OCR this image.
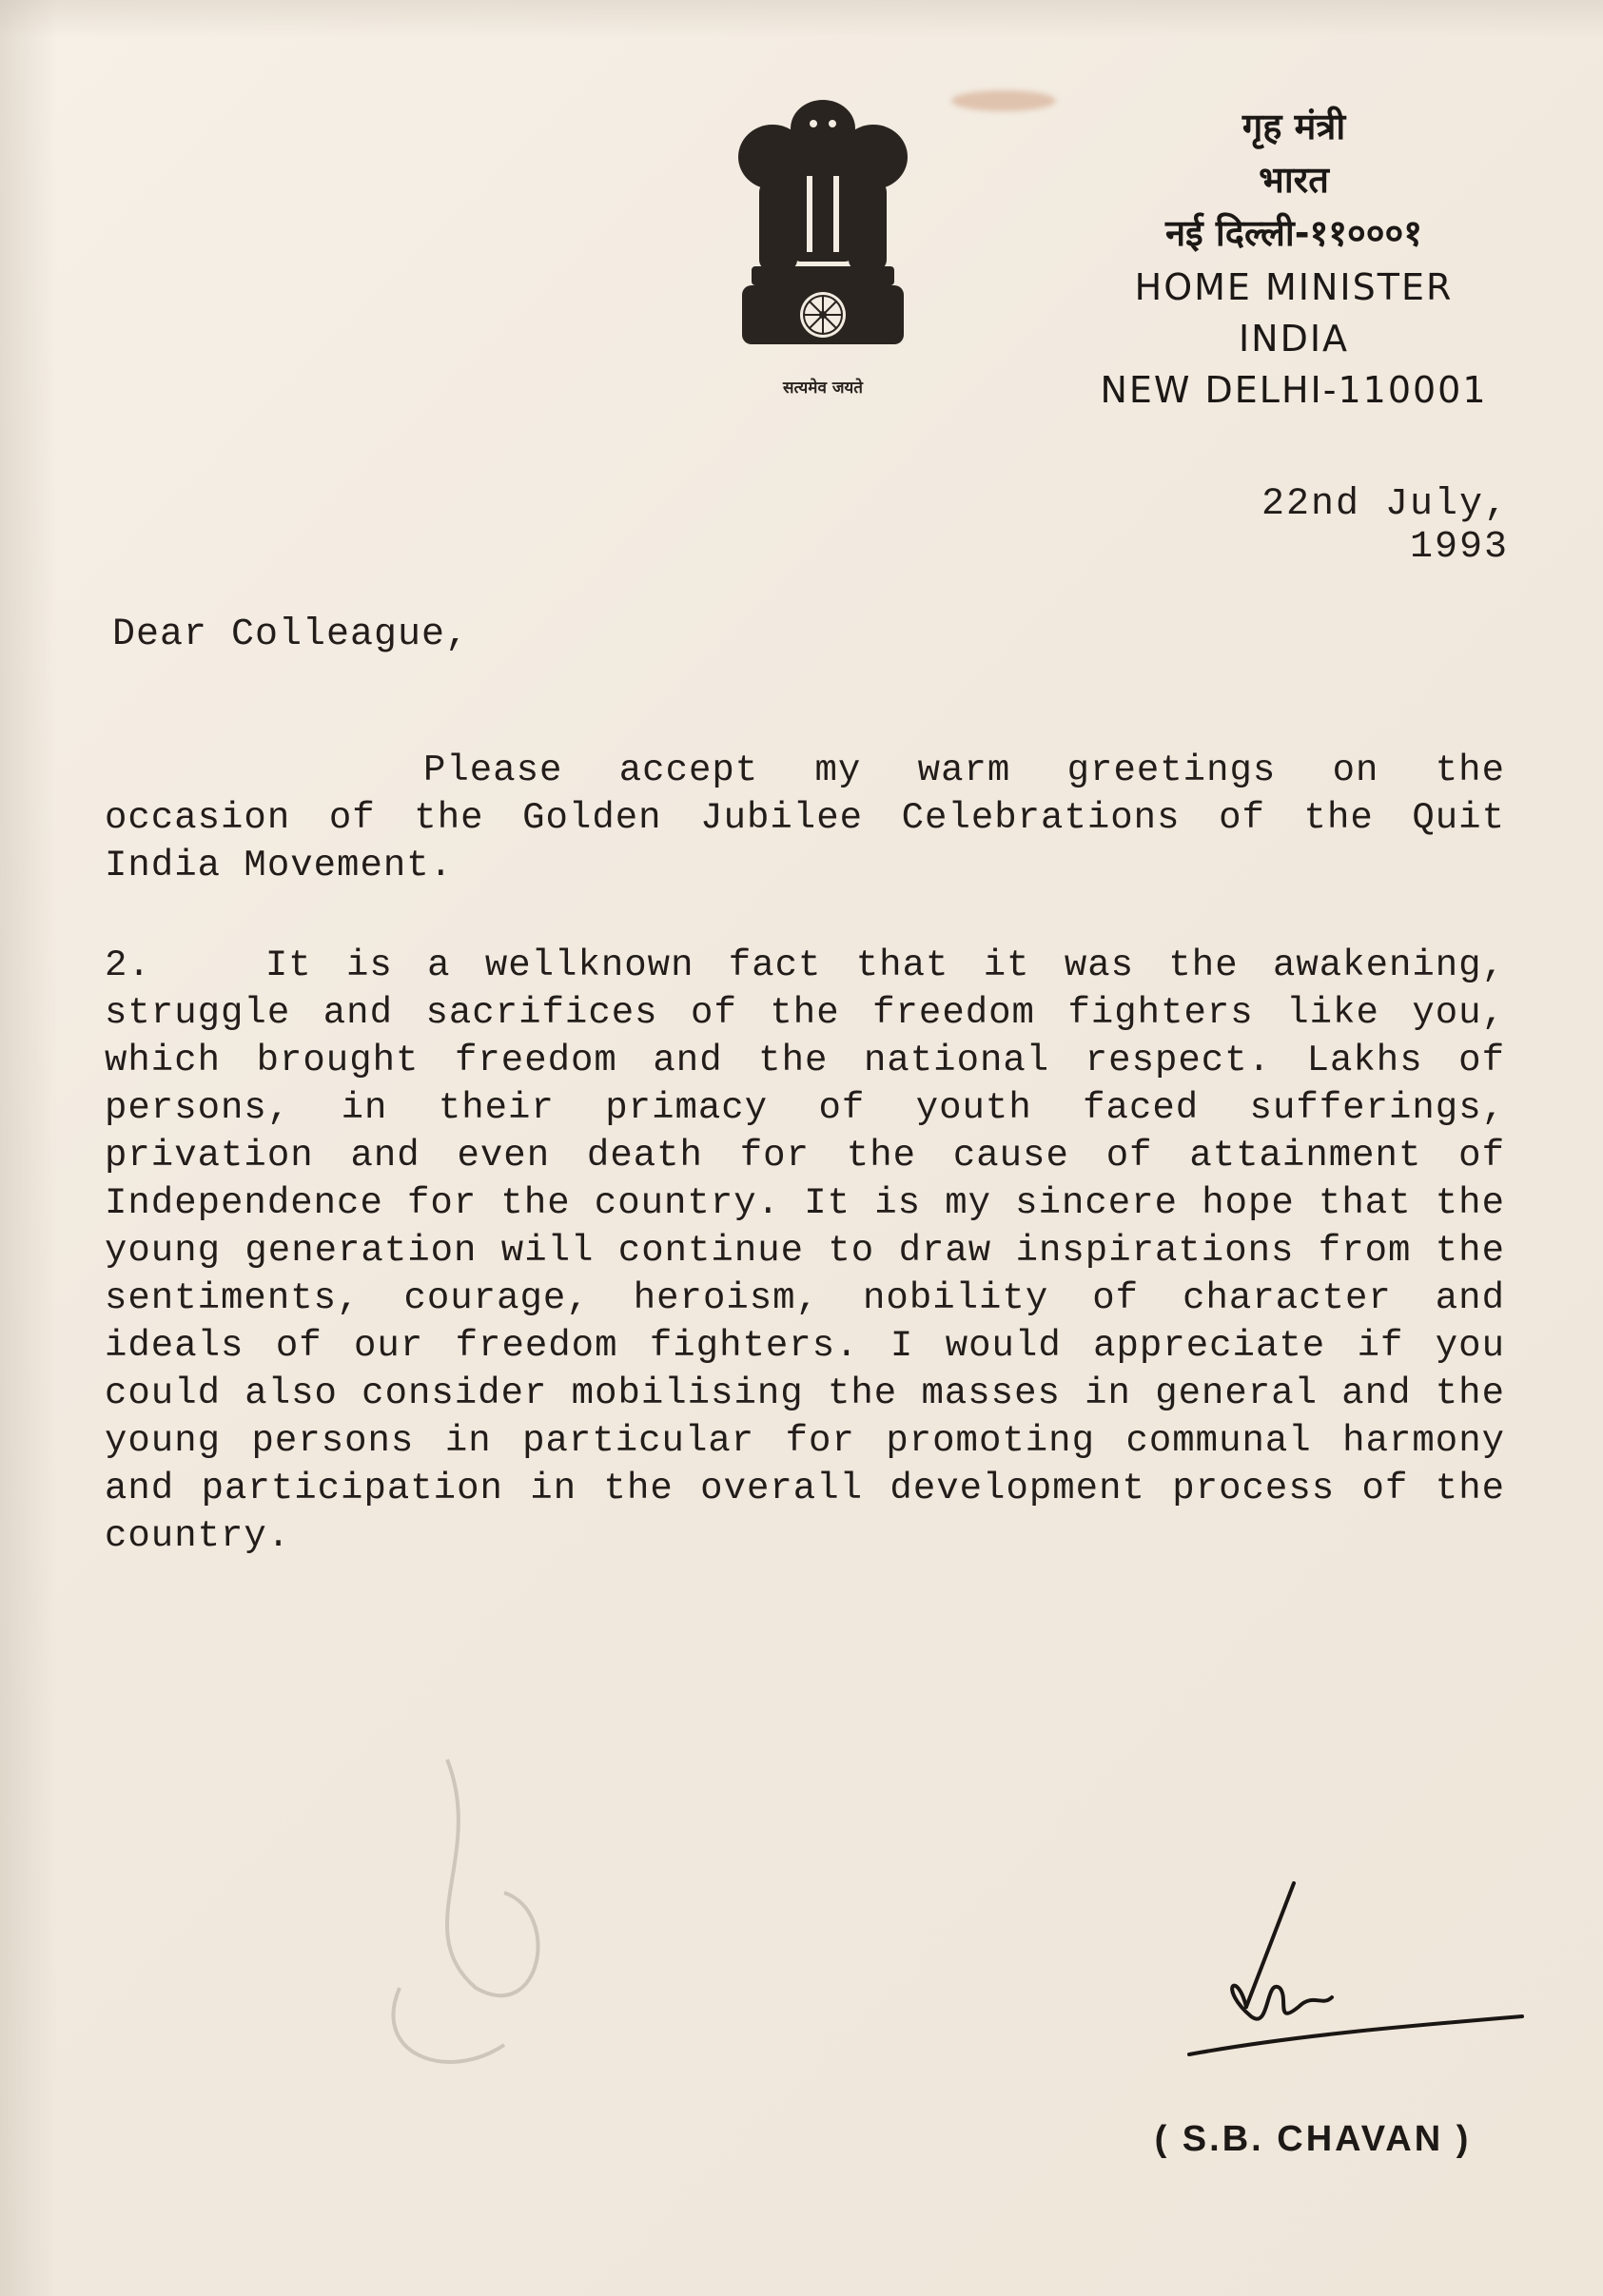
सत्यमेव जयते
गृह मंत्री
भारत
नई दिल्ली-११०००१
HOME MINISTER
INDIA
NEW DELHI-110001
22nd July, 1993
Dear Colleague,
Please accept my warm greetings on the occasion of the Golden Jubilee Celebrations of the Quit India Movement.
2.	It is a wellknown fact that it was the awakening, struggle and sacrifices of the freedom fighters like you, which brought freedom and the national respect. Lakhs of persons, in their primacy of youth faced sufferings, privation and even death for the cause of attainment of Independence for the country. It is my sincere hope that the young generation will continue to draw inspirations from the sentiments, courage, heroism, nobility of character and ideals of our freedom fighters. I would appreciate if you could also consider mobilising the masses in general and the young persons in particular for promoting communal harmony and participation in the overall development process of the country.
( S.B. CHAVAN )
